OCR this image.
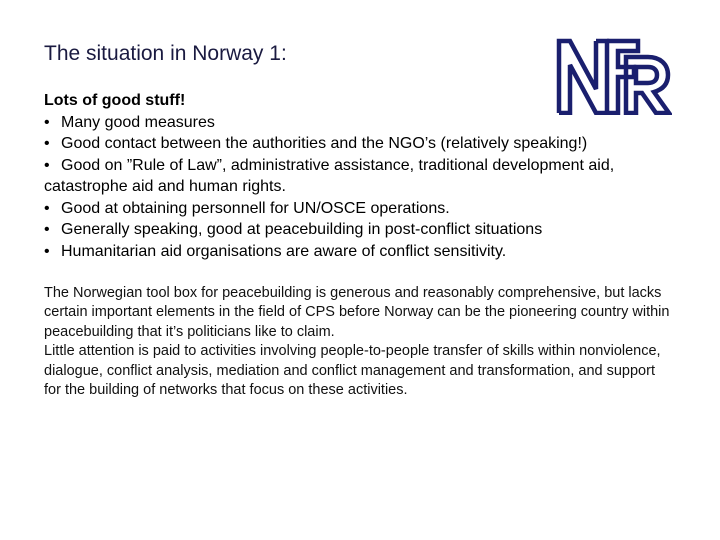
The situation in Norway 1:
Lots of good stuff!
• Many good measures
• Good contact between the authorities and the NGO’s (relatively speaking!)
• Good on ”Rule of Law”, administrative assistance, traditional development aid, catastrophe aid and human rights.
• Good at obtaining personnell for UN/OSCE operations.
• Generally speaking, good at peacebuilding in post-conflict situations
• Humanitarian aid organisations are aware of conflict sensitivity.

The Norwegian tool box for peacebuilding is generous and reasonably comprehensive, but lacks certain important elements in the field of CPS before Norway can be the pioneering country within peacebuilding that it’s politicians like to claim.

Little attention is paid to activities involving people-to-people transfer of skills within nonviolence, dialogue, conflict analysis, mediation and conflict management and transformation, and support for the building of networks that focus on these activities.
